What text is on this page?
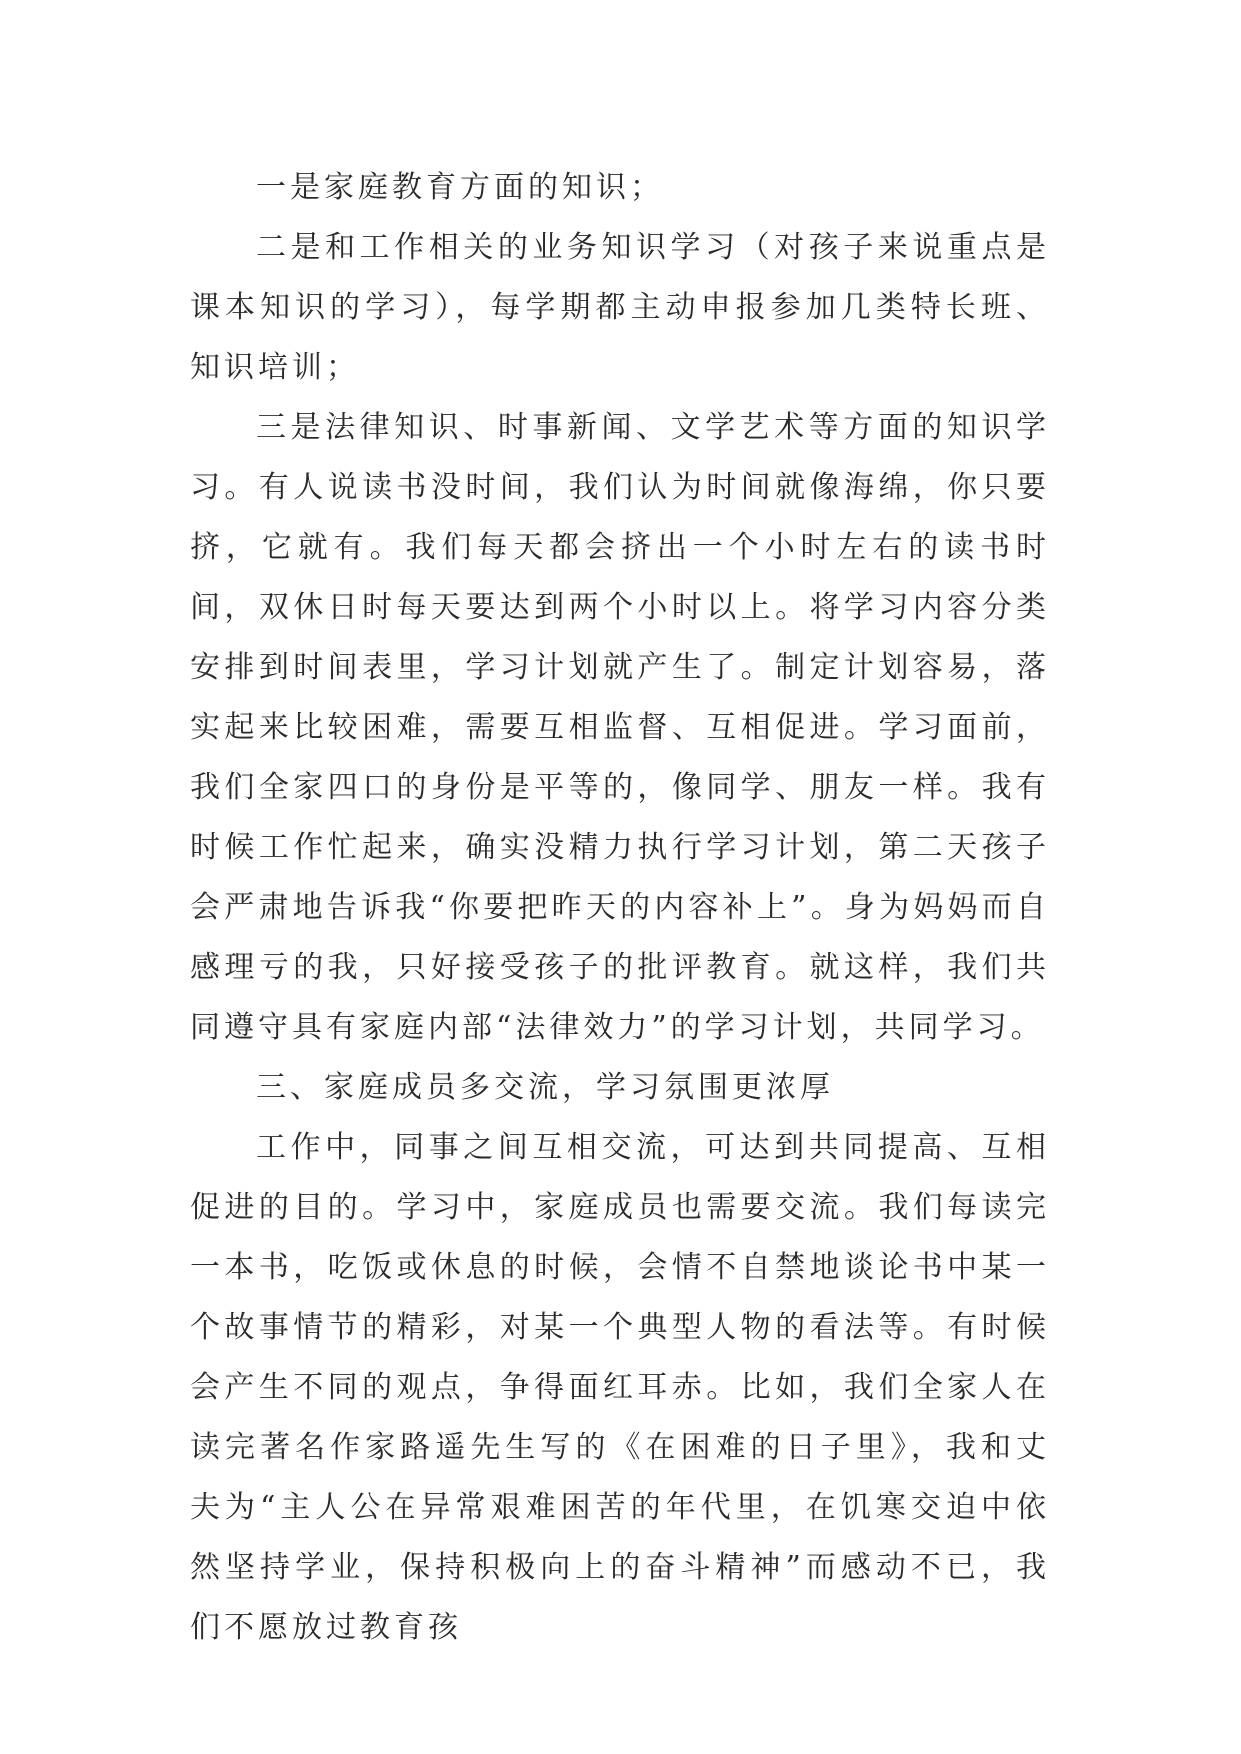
一是家庭教育方面的知识；

二是和工作相关的业务知识学习（对孩子来说重点是课本知识的学习），每学期都主动申报参加几类特长班、知识培训；

三是法律知识、时事新闻、文学艺术等方面的知识学习。有人说读书没时间，我们认为时间就像海绵，你只要挤，它就有。我们每天都会挤出一个小时左右的读书时间，双休日时每天要达到两个小时以上。将学习内容分类安排到时间表里，学习计划就产生了。制定计划容易，落实起来比较困难，需要互相监督、互相促进。学习面前，我们全家四口的身份是平等的，像同学、朋友一样。我有时候工作忙起来，确实没精力执行学习计划，第二天孩子会严肃地告诉我“你要把昨天的内容补上”。身为妈妈而自感理亏的我，只好接受孩子的批评教育。就这样，我们共同遵守具有家庭内部“法律效力”的学习计划，共同学习。

三、家庭成员多交流，学习氛围更浓厚

工作中，同事之间互相交流，可达到共同提高、互相促进的目的。学习中，家庭成员也需要交流。我们每读完一本书，吃饭或休息的时候，会情不自禁地谈论书中某一个故事情节的精彩，对某一个典型人物的看法等。有时候会产生不同的观点，争得面红耳赤。比如，我们全家人在读完著名作家路遥先生写的《在困难的日子里》，我和丈夫为“主人公在异常艰难困苦的年代里，在饥寒交迫中依然坚持学业，保持积极向上的奋斗精神”而感动不已，我们不愿放过教育孩
